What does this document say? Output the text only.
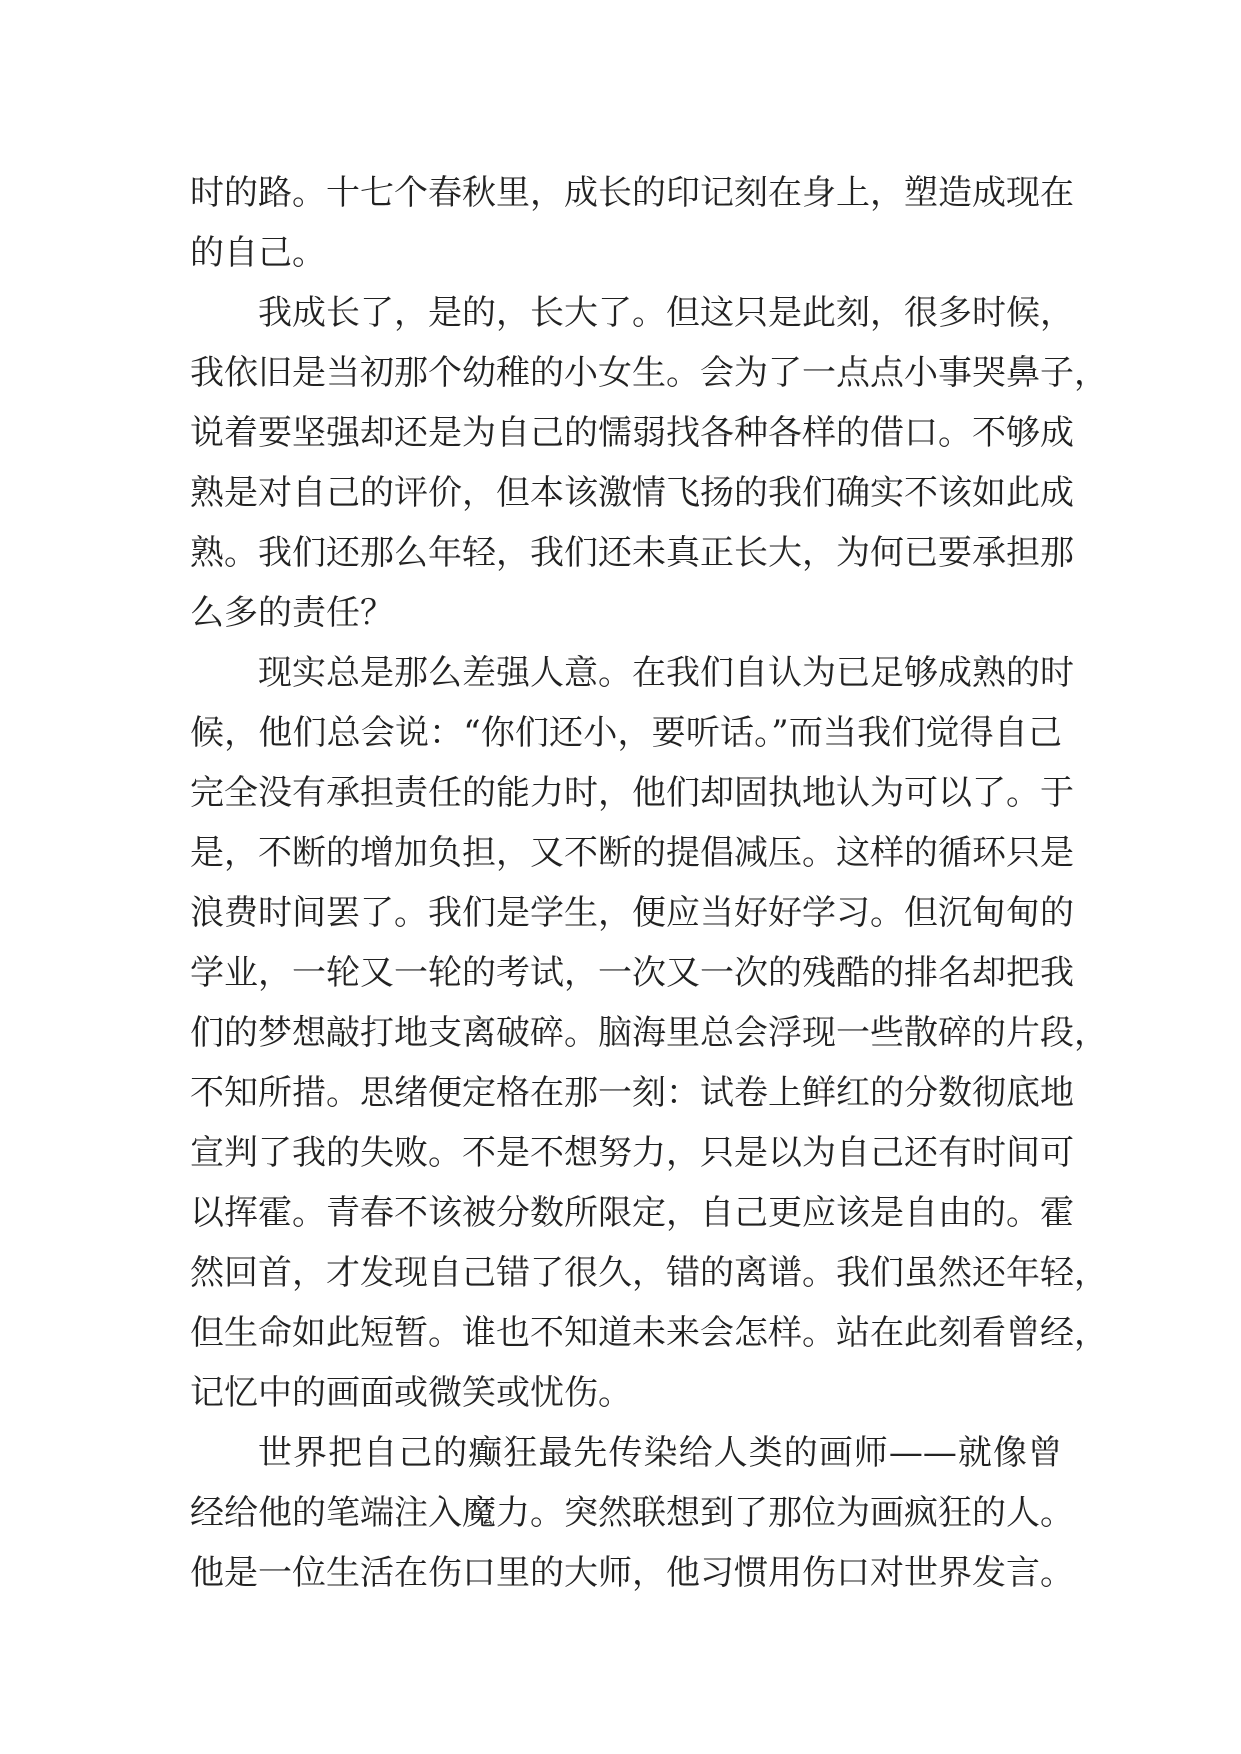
时的路。十七个春秋里，成长的印记刻在身上，塑造成现在
的自己。
我成长了，是的，长大了。但这只是此刻，很多时候，
我依旧是当初那个幼稚的小女生。会为了一点点小事哭鼻子，
说着要坚强却还是为自己的懦弱找各种各样的借口。不够成
熟是对自己的评价，但本该激情飞扬的我们确实不该如此成
熟。我们还那么年轻，我们还未真正长大，为何已要承担那
么多的责任？
现实总是那么差强人意。在我们自认为已足够成熟的时
候，他们总会说：“你们还小，要听话。”而当我们觉得自己
完全没有承担责任的能力时，他们却固执地认为可以了。于
是，不断的增加负担，又不断的提倡减压。这样的循环只是
浪费时间罢了。我们是学生，便应当好好学习。但沉甸甸的
学业，一轮又一轮的考试，一次又一次的残酷的排名却把我
们的梦想敲打地支离破碎。脑海里总会浮现一些散碎的片段，
不知所措。思绪便定格在那一刻：试卷上鲜红的分数彻底地
宣判了我的失败。不是不想努力，只是以为自己还有时间可
以挥霍。青春不该被分数所限定，自己更应该是自由的。霍
然回首，才发现自己错了很久，错的离谱。我们虽然还年轻，
但生命如此短暂。谁也不知道未来会怎样。站在此刻看曾经，
记忆中的画面或微笑或忧伤。
世界把自己的癫狂最先传染给人类的画师——就像曾
经给他的笔端注入魔力。突然联想到了那位为画疯狂的人。
他是一位生活在伤口里的大师，他习惯用伤口对世界发言。
